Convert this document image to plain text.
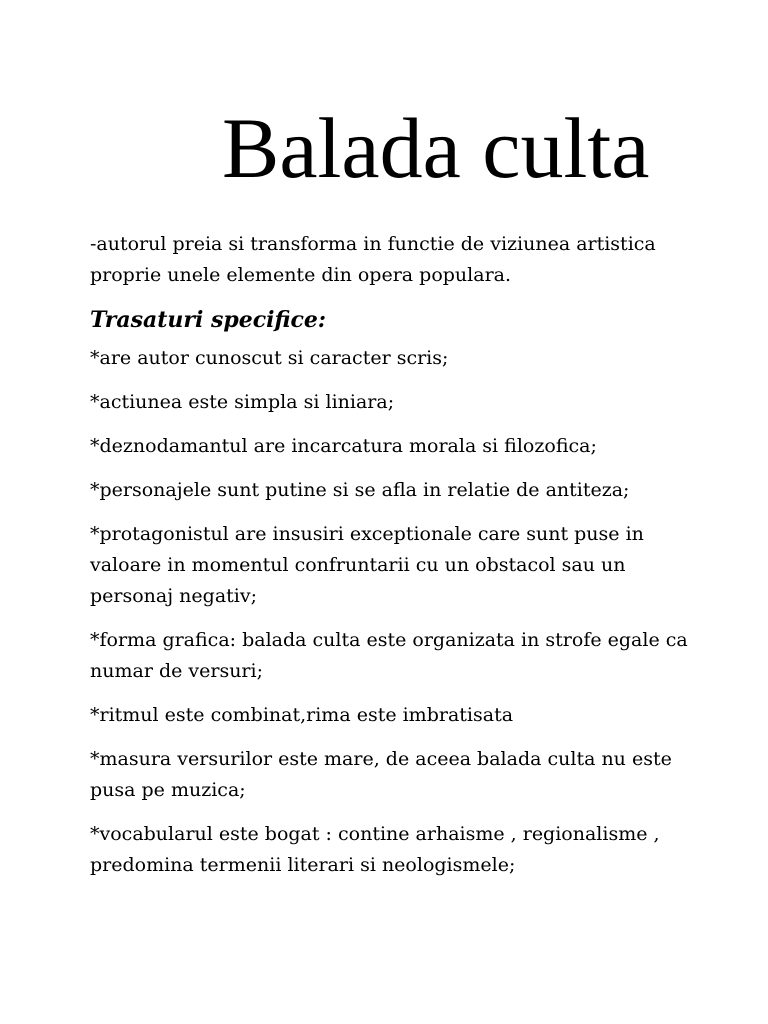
Balada culta

-autorul preia si transforma in functie de viziunea artistica proprie unele elemente din opera populara.

Trasaturi specifice:

*are autor cunoscut si caracter scris;
*actiunea este simpla si liniara;
*deznodamantul are incarcatura morala si filozofica;
*personajele sunt putine si se afla in relatie de antiteza;
*protagonistul are insusiri exceptionale care sunt puse in valoare in momentul confruntarii cu un obstacol sau un personaj negativ;
*forma grafica: balada culta este organizata in strofe egale ca numar de versuri;
*ritmul este combinat,rima este imbratisata
*masura versurilor este mare, de aceea balada culta nu este pusa pe muzica;
*vocabularul este bogat : contine arhaisme , regionalisme , predomina termenii literari si neologismele;
